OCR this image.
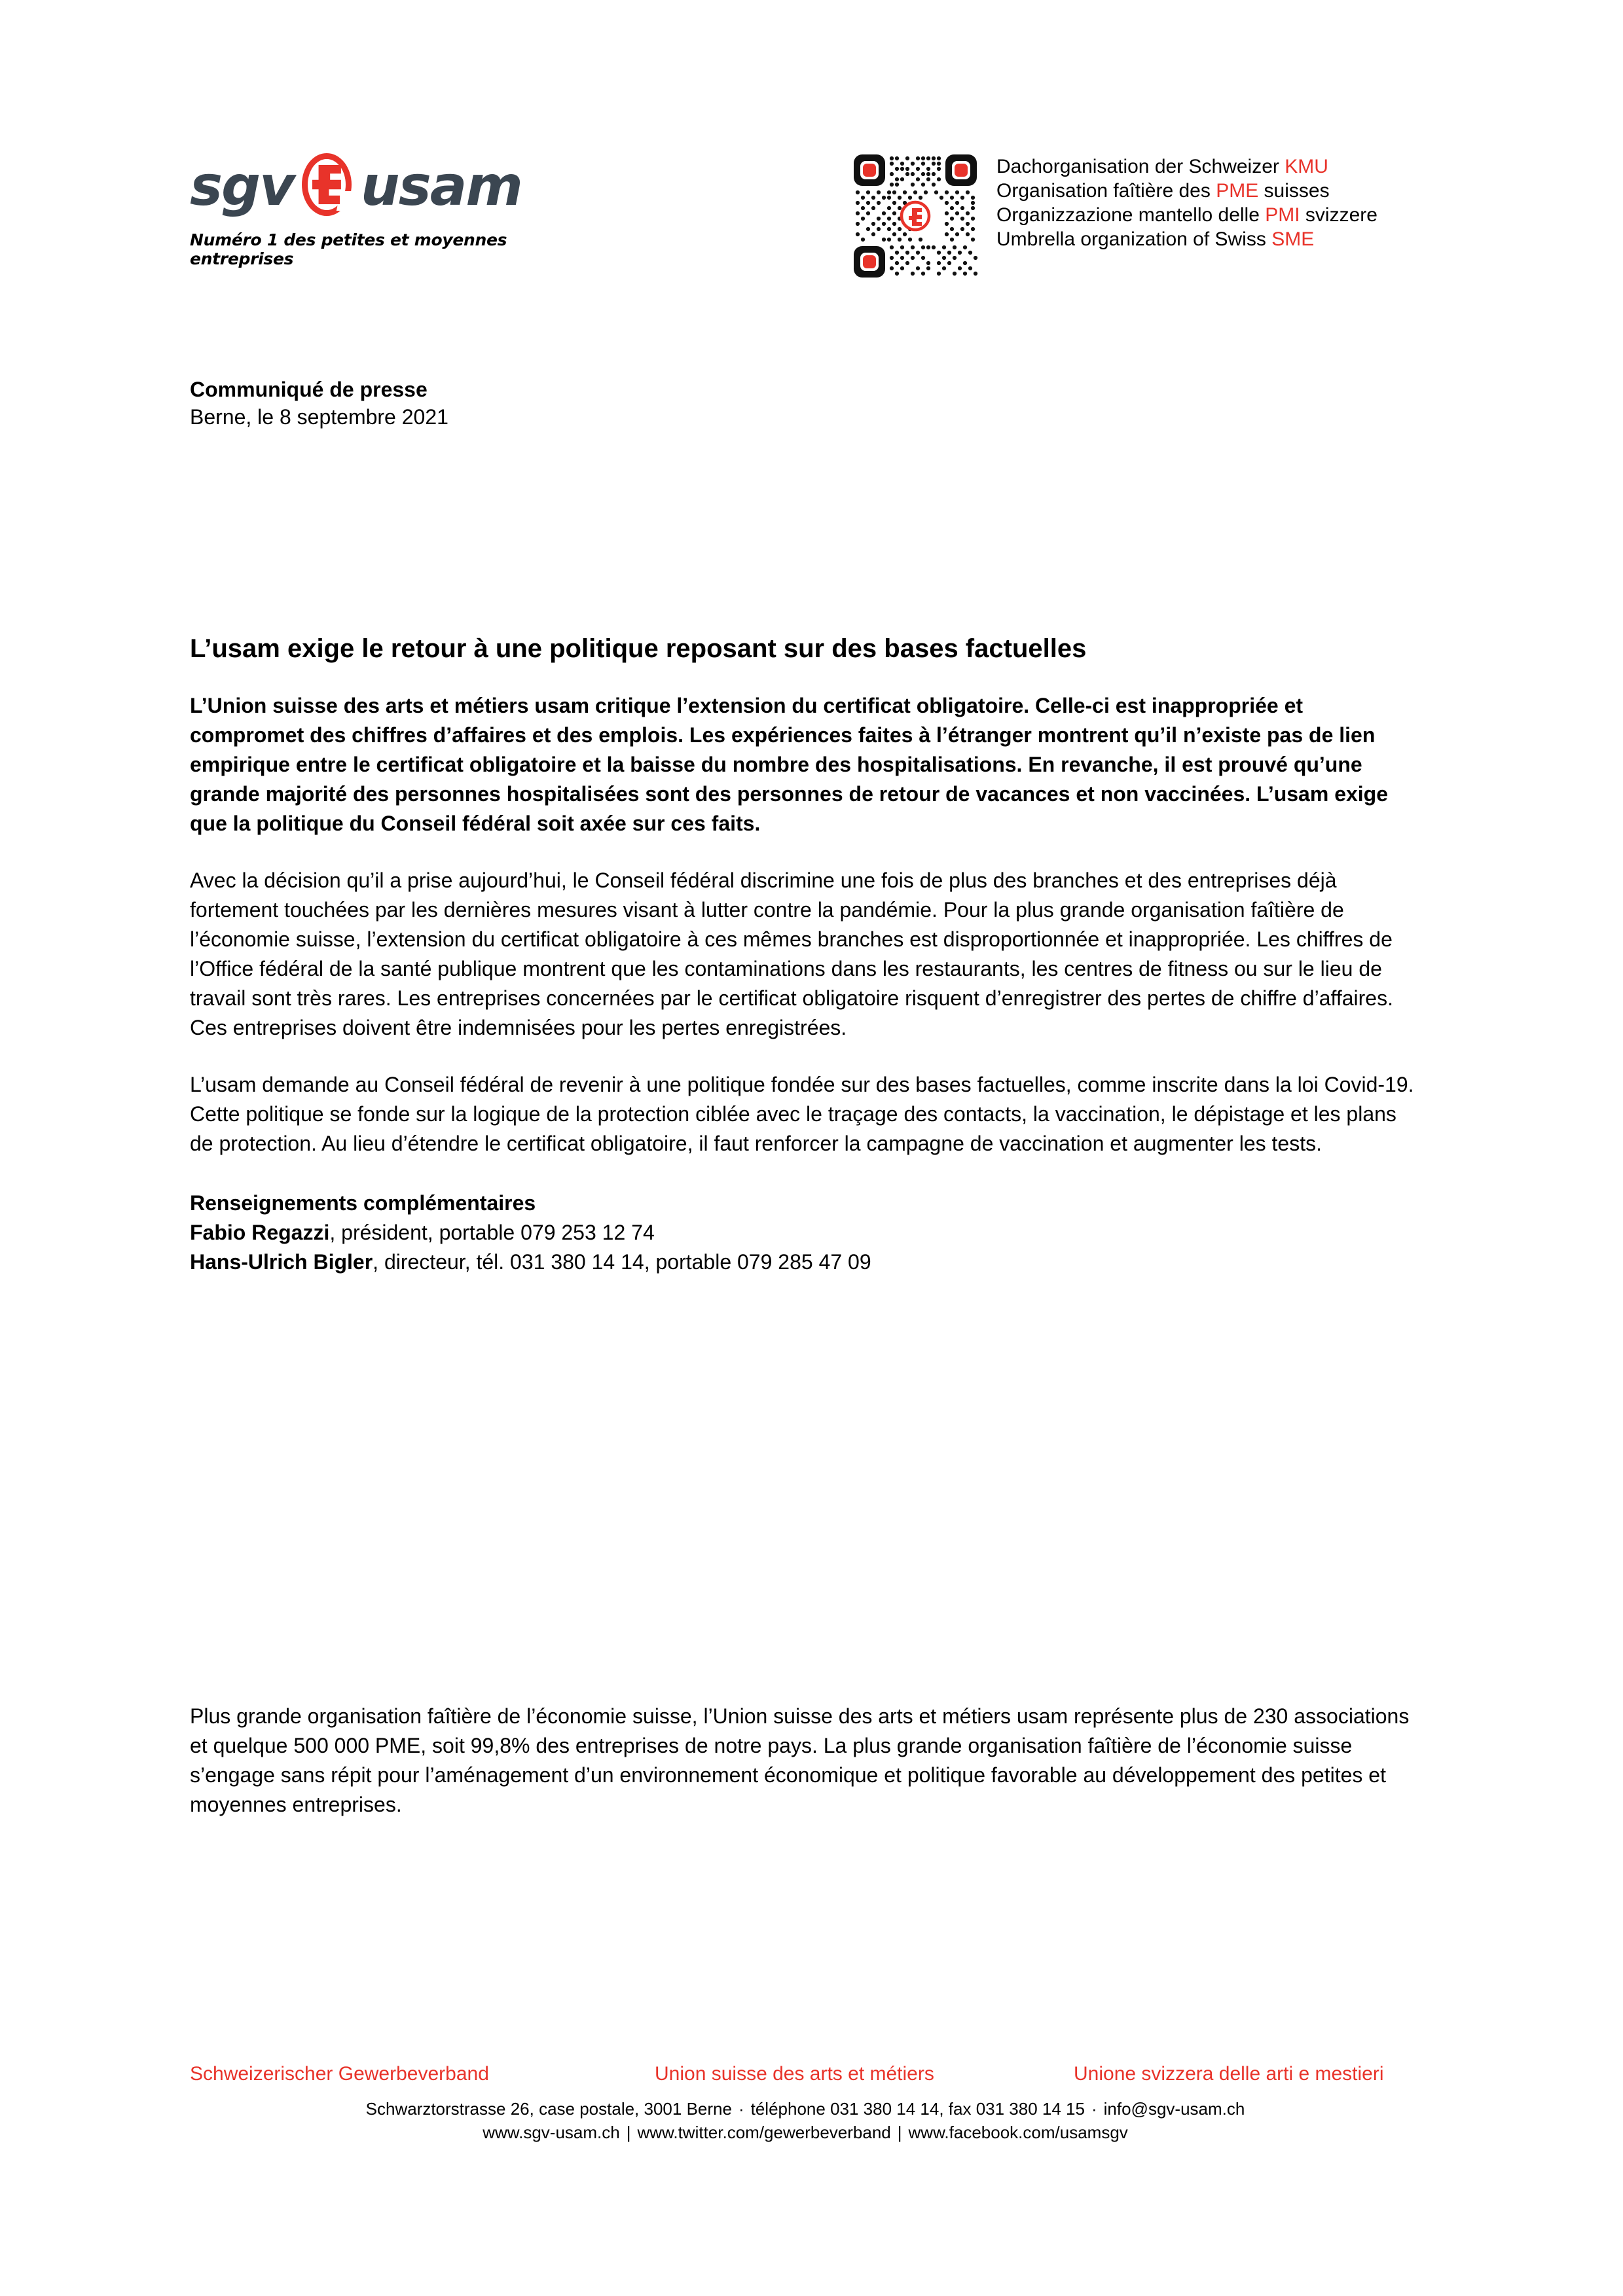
sgv usam
Numéro 1 des petites et moyennes entreprises
Dachorganisation der Schweizer KMU
Organisation faîtière des PME suisses
Organizzazione mantello delle PMI svizzere
Umbrella organization of Swiss SME
Communiqué de presse
Berne, le 8 septembre 2021
L’usam exige le retour à une politique reposant sur des bases factuelles

L’Union suisse des arts et métiers usam critique l’extension du certificat obligatoire. Celle-ci est inappropriée et compromet des chiffres d’affaires et des emplois. Les expériences faites à l’étranger montrent qu’il n’existe pas de lien empirique entre le certificat obligatoire et la baisse du nombre des hospitalisations. En revanche, il est prouvé qu’une grande majorité des personnes hospitalisées sont des personnes de retour de vacances et non vaccinées. L’usam exige que la politique du Conseil fédéral soit axée sur ces faits.

Avec la décision qu’il a prise aujourd’hui, le Conseil fédéral discrimine une fois de plus des branches et des entreprises déjà fortement touchées par les dernières mesures visant à lutter contre la pandémie. Pour la plus grande organisation faîtière de l’économie suisse, l’extension du certificat obligatoire à ces mêmes branches est disproportionnée et inappropriée. Les chiffres de l’Office fédéral de la santé publique montrent que les contaminations dans les restaurants, les centres de fitness ou sur le lieu de travail sont très rares. Les entreprises concernées par le certificat obligatoire risquent d’enregistrer des pertes de chiffre d’affaires. Ces entreprises doivent être indemnisées pour les pertes enregistrées.

L’usam demande au Conseil fédéral de revenir à une politique fondée sur des bases factuelles, comme inscrite dans la loi Covid-19. Cette politique se fonde sur la logique de la protection ciblée avec le traçage des contacts, la vaccination, le dépistage et les plans de protection. Au lieu d’étendre le certificat obligatoire, il faut renforcer la campagne de vaccination et augmenter les tests.

Renseignements complémentaires
Fabio Regazzi, président, portable 079 253 12 74
Hans-Ulrich Bigler, directeur, tél. 031 380 14 14, portable 079 285 47 09
Plus grande organisation faîtière de l’économie suisse, l’Union suisse des arts et métiers usam représente plus de 230 associations et quelque 500 000 PME, soit 99,8% des entreprises de notre pays. La plus grande organisation faîtière de l’économie suisse s’engage sans répit pour l’aménagement d’un environnement économique et politique favorable au développement des petites et moyennes entreprises.
Schweizerischer Gewerbeverband	Union suisse des arts et métiers	Unione svizzera delle arti e mestieri
Schwarztorstrasse 26, case postale, 3001 Berne · téléphone 031 380 14 14, fax 031 380 14 15 · info@sgv-usam.ch
www.sgv-usam.ch | www.twitter.com/gewerbeverband | www.facebook.com/usamsgv
